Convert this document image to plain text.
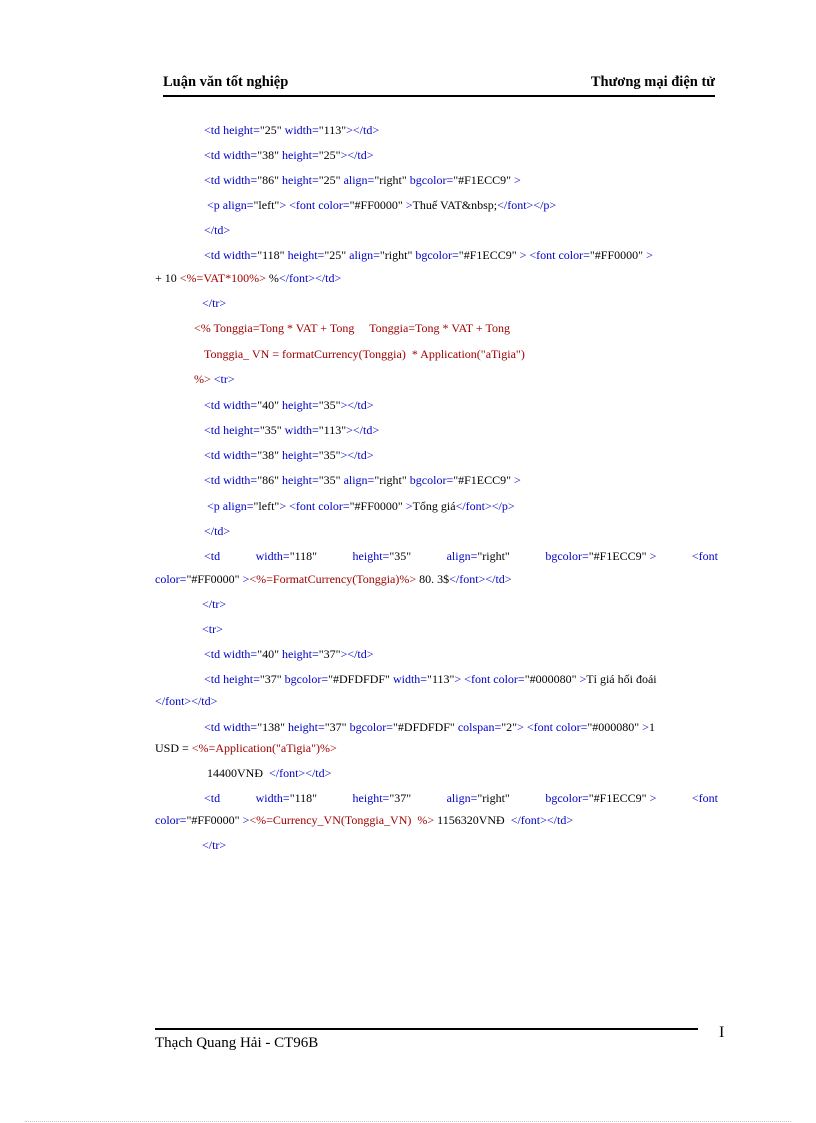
Luận văn tốt nghiệp	Thương mại điện tử
<td height="25" width="113"></td>
<td width="38" height="25"></td>
<td width="86" height="25" align="right" bgcolor="#F1ECC9" >
<p align="left"> <font color="#FF0000" >Thuế VAT&nbsp;</font></p>
</td>
<td width="118" height="25" align="right" bgcolor="#F1ECC9" > <font color="#FF0000" >
+ 10 <%=VAT*100%> %</font></td>
</tr>
<% Tonggia=Tong * VAT + Tong     Tonggia=Tong * VAT + Tong
Tonggia_ VN = formatCurrency(Tonggia)  * Application("aTigia")
%> <tr>
<td width="40" height="35"></td>
<td height="35" width="113"></td>
<td width="38" height="35"></td>
<td width="86" height="35" align="right" bgcolor="#F1ECC9" >
<p align="left"> <font color="#FF0000" >Tổng giá</font></p>
</td>
<td	width="118"	height="35"	align="right"	bgcolor="#F1ECC9" >	<font
color="#FF0000" ><%=FormatCurrency(Tonggia)%> 80. 3$</font></td>
</tr>
<tr>
<td width="40" height="37"></td>
<td height="37" bgcolor="#DFDFDF" width="113"> <font color="#000080" >Tỉ giá hối đoái
</font></td>
<td width="138" height="37" bgcolor="#DFDFDF" colspan="2"> <font color="#000080" >1
USD = <%=Application("aTigia")%>
14400VNĐ  </font></td>
<td	width="118"	height="37"	align="right"	bgcolor="#F1ECC9" >	<font
color="#FF0000" ><%=Currency_VN(Tonggia_VN)  %> 1156320VNĐ  </font></td>
</tr>
Thạch Quang Hải - CT96B
I
